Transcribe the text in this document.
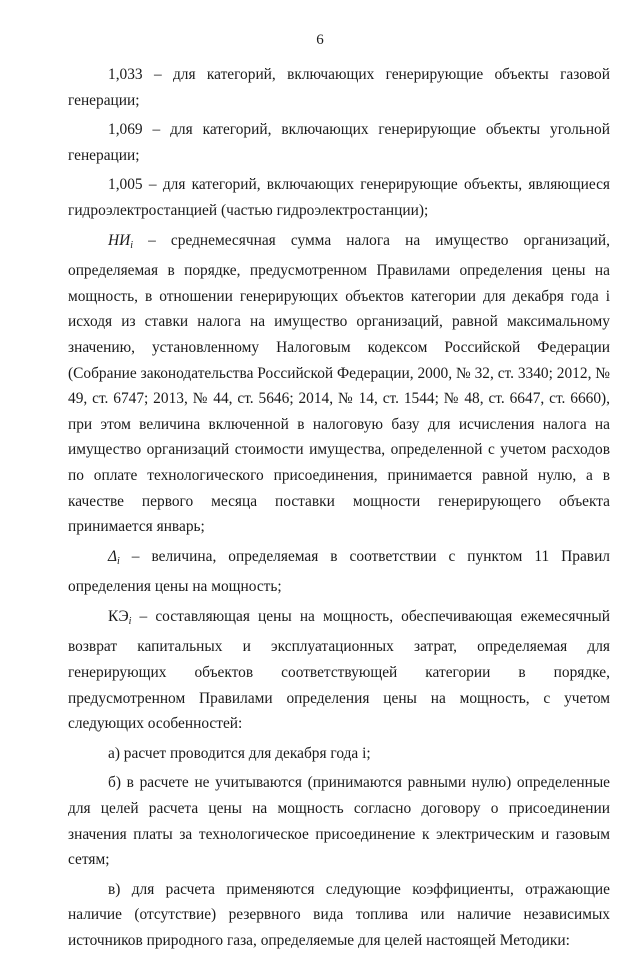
6

1,033 – для категорий, включающих генерирующие объекты газовой генерации;

1,069 – для категорий, включающих генерирующие объекты угольной генерации;

1,005 – для категорий, включающих генерирующие объекты, являющиеся гидроэлектростанцией (частью гидроэлектростанции);

$НИ_i$ – среднемесячная сумма налога на имущество организаций, определяемая в порядке, предусмотренном Правилами определения цены на мощность, в отношении генерирующих объектов категории для декабря года i исходя из ставки налога на имущество организаций, равной максимальному значению, установленному Налоговым кодексом Российской Федерации (Собрание законодательства Российской Федерации, 2000, № 32, ст. 3340; 2012, № 49, ст. 6747; 2013, № 44, ст. 5646; 2014, № 14, ст. 1544; № 48, ст. 6647, ст. 6660), при этом величина включенной в налоговую базу для исчисления налога на имущество организаций стоимости имущества, определенной с учетом расходов по оплате технологического присоединения, принимается равной нулю, а в качестве первого месяца поставки мощности генерирующего объекта принимается январь;

$\Delta_i$ – величина, определяемая в соответствии с пунктом 11 Правил определения цены на мощность;

$КЭ_i$ – составляющая цены на мощность, обеспечивающая ежемесячный возврат капитальных и эксплуатационных затрат, определяемая для генерирующих объектов соответствующей категории в порядке, предусмотренном Правилами определения цены на мощность, с учетом следующих особенностей:

а) расчет проводится для декабря года i;

б) в расчете не учитываются (принимаются равными нулю) определенные для целей расчета цены на мощность согласно договору о присоединении значения платы за технологическое присоединение к электрическим и газовым сетям;

в) для расчета применяются следующие коэффициенты, отражающие наличие (отсутствие) резервного вида топлива или наличие независимых источников природного газа, определяемые для целей настоящей Методики:
